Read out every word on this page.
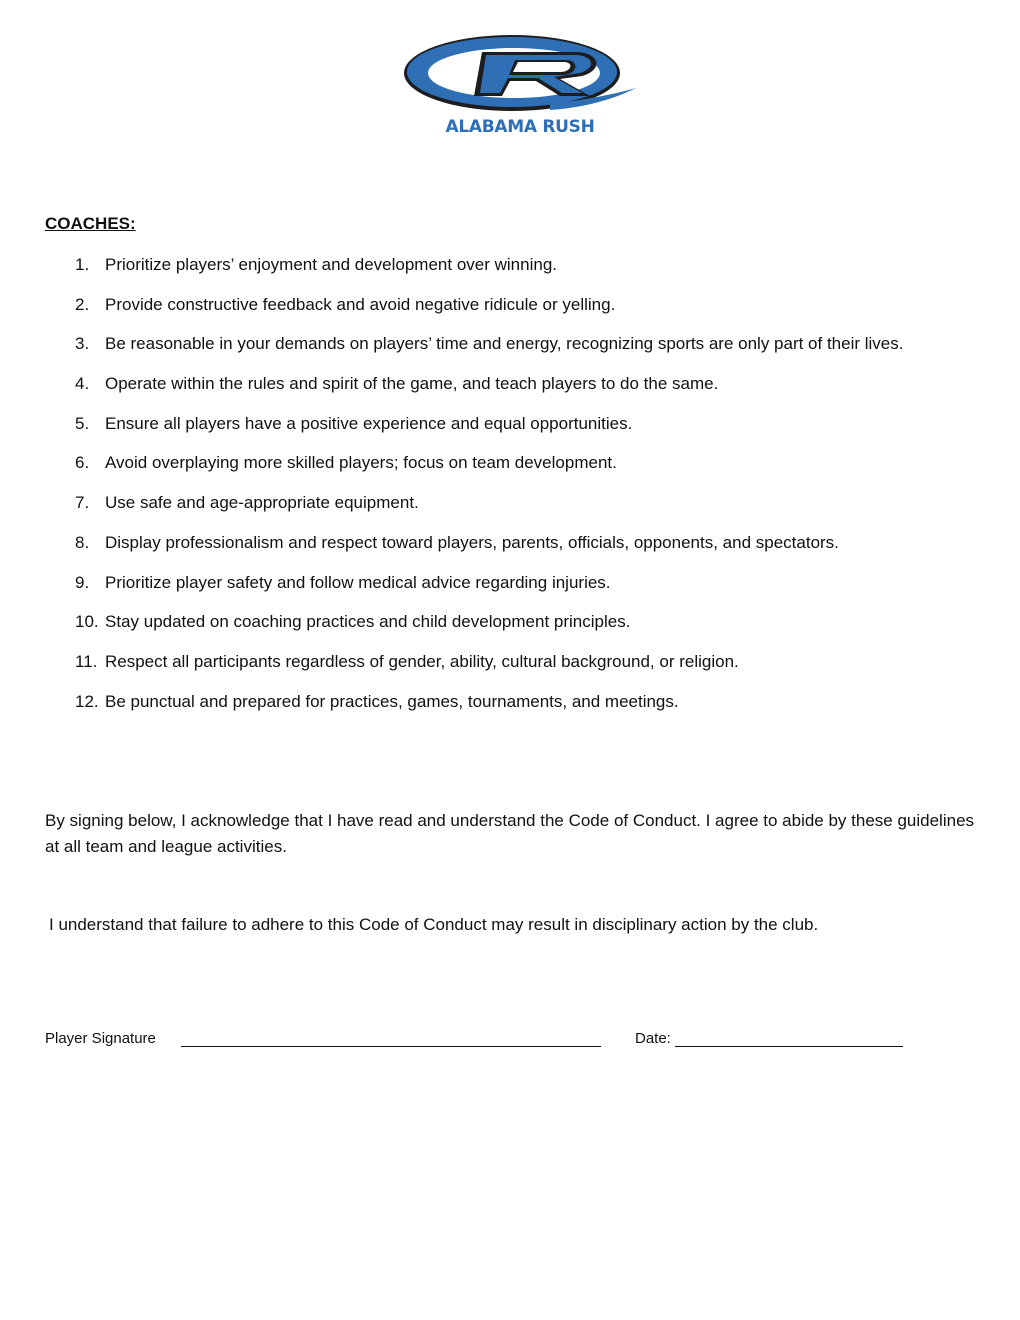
ALABAMA RUSH
COACHES:
1. Prioritize players’ enjoyment and development over winning.
2. Provide constructive feedback and avoid negative ridicule or yelling.
3. Be reasonable in your demands on players’ time and energy, recognizing sports are only part of their lives.
4. Operate within the rules and spirit of the game, and teach players to do the same.
5. Ensure all players have a positive experience and equal opportunities.
6. Avoid overplaying more skilled players; focus on team development.
7. Use safe and age-appropriate equipment.
8. Display professionalism and respect toward players, parents, officials, opponents, and spectators.
9. Prioritize player safety and follow medical advice regarding injuries.
10. Stay updated on coaching practices and child development principles.
11. Respect all participants regardless of gender, ability, cultural background, or religion.
12. Be punctual and prepared for practices, games, tournaments, and meetings.

By signing below, I acknowledge that I have read and understand the Code of Conduct. I agree to abide by these guidelines at all team and league activities.

I understand that failure to adhere to this Code of Conduct may result in disciplinary action by the club.

Player Signature	Date:
